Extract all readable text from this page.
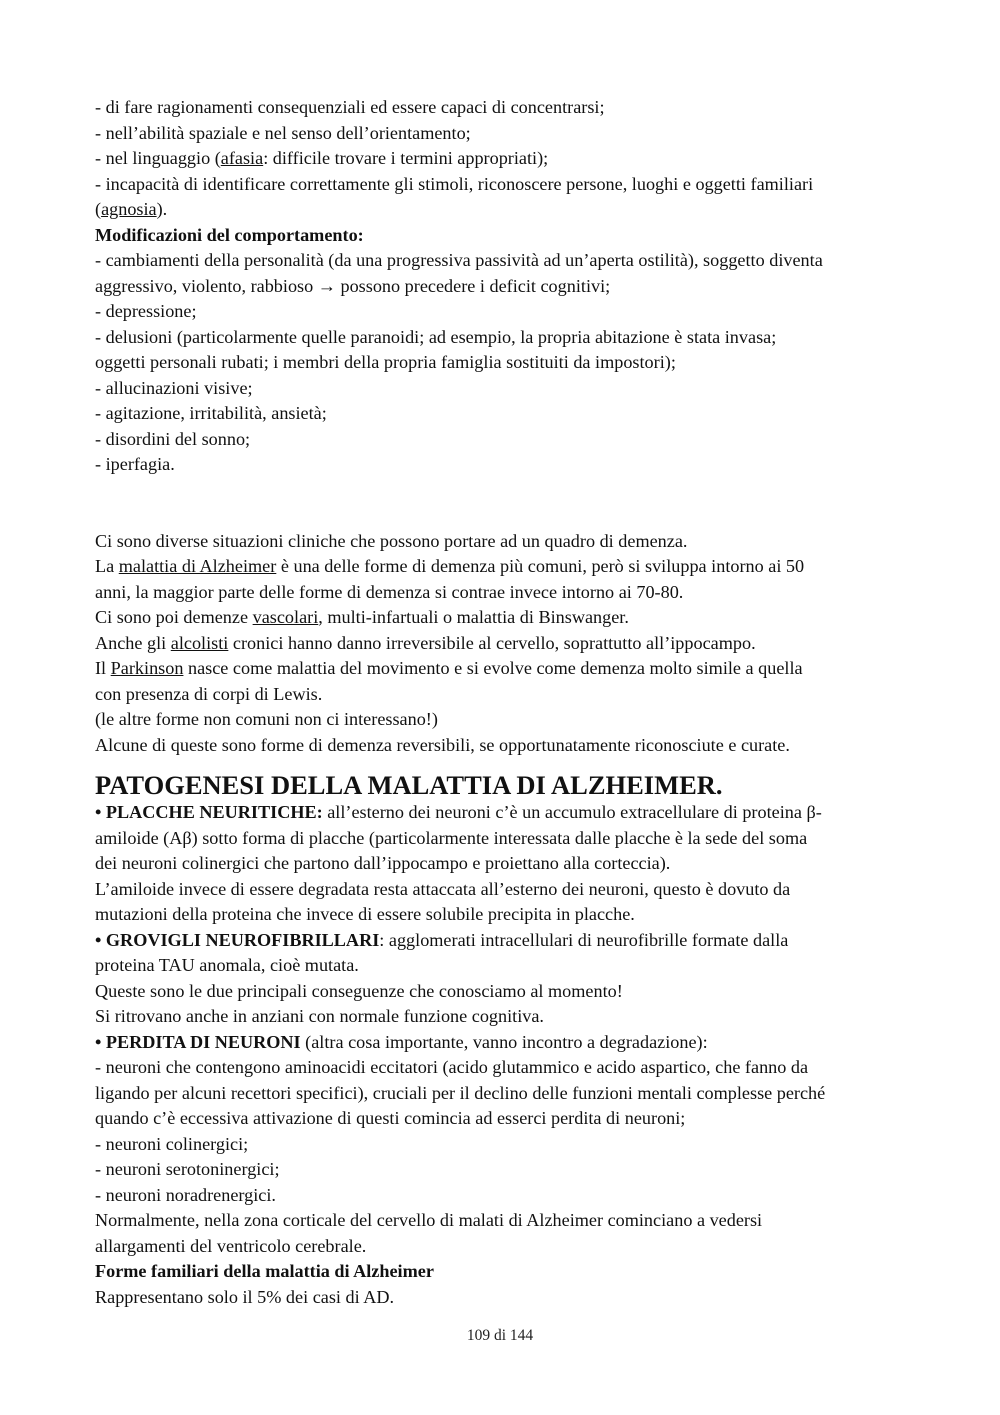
- di fare ragionamenti consequenziali ed essere capaci di concentrarsi;
- nell’abilità spaziale e nel senso dell’orientamento;
- nel linguaggio (afasia: difficile trovare i termini appropriati);
- incapacità di identificare correttamente gli stimoli, riconoscere persone, luoghi e oggetti familiari
(agnosia).
Modificazioni del comportamento:
- cambiamenti della personalità (da una progressiva passività ad un’aperta ostilità), soggetto diventa
aggressivo, violento, rabbioso → possono precedere i deficit cognitivi;
- depressione;
- delusioni (particolarmente quelle paranoidi; ad esempio, la propria abitazione è stata invasa;
oggetti personali rubati; i membri della propria famiglia sostituiti da impostori);
- allucinazioni visive;
- agitazione, irritabilità, ansietà;
- disordini del sonno;
- iperfagia.
Ci sono diverse situazioni cliniche che possono portare ad un quadro di demenza.
La malattia di Alzheimer è una delle forme di demenza più comuni, però si sviluppa intorno ai 50
anni, la maggior parte delle forme di demenza si contrae invece intorno ai 70-80.
Ci sono poi demenze vascolari, multi-infartuali o malattia di Binswanger.
Anche gli alcolisti cronici hanno danno irreversibile al cervello, soprattutto all’ippocampo.
Il Parkinson nasce come malattia del movimento e si evolve come demenza molto simile a quella
con presenza di corpi di Lewis.
(le altre forme non comuni non ci interessano!)
Alcune di queste sono forme di demenza reversibili, se opportunatamente riconosciute e curate.
PATOGENESI DELLA MALATTIA DI ALZHEIMER.
• PLACCHE NEURITICHE: all’esterno dei neuroni c’è un accumulo extracellulare di proteina β-
amiloide (Aβ) sotto forma di placche (particolarmente interessata dalle placche è la sede del soma
dei neuroni colinergici che partono dall’ippocampo e proiettano alla corteccia).
L’amiloide invece di essere degradata resta attaccata all’esterno dei neuroni, questo è dovuto da
mutazioni della proteina che invece di essere solubile precipita in placche.
• GROVIGLI NEUROFIBRILLARI: agglomerati intracellulari di neurofibrille formate dalla
proteina TAU anomala, cioè mutata.
Queste sono le due principali conseguenze che conosciamo al momento!
Si ritrovano anche in anziani con normale funzione cognitiva.
• PERDITA DI NEURONI (altra cosa importante, vanno incontro a degradazione):
- neuroni che contengono aminoacidi eccitatori (acido glutammico e acido aspartico, che fanno da
ligando per alcuni recettori specifici), cruciali per il declino delle funzioni mentali complesse perché
quando c’è eccessiva attivazione di questi comincia ad esserci perdita di neuroni;
- neuroni colinergici;
- neuroni serotoninergici;
- neuroni noradrenergici.
Normalmente, nella zona corticale del cervello di malati di Alzheimer cominciano a vedersi
allargamenti del ventricolo cerebrale.
Forme familiari della malattia di Alzheimer
Rappresentano solo il 5% dei casi di AD.
109 di 144
